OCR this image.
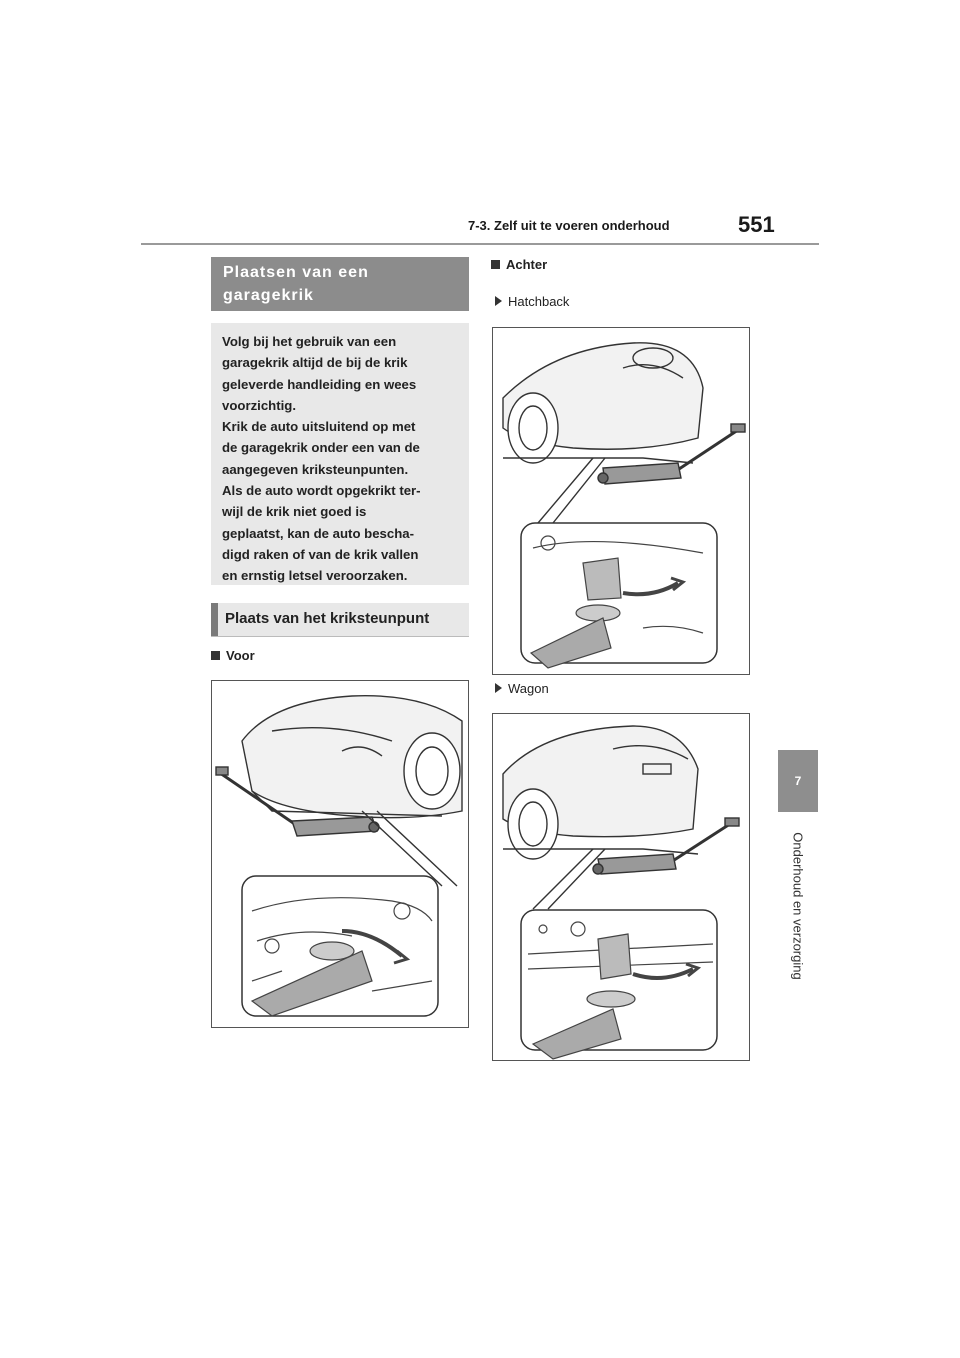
7-3. Zelf uit te voeren onderhoud	551
7
Onderhoud en verzorging
Plaatsen van een
garagekrik
Volg bij het gebruik van een
garagekrik altijd de bij de krik
geleverde handleiding en wees
voorzichtig.
Krik de auto uitsluitend op met
de garagekrik onder een van de
aangegeven kriksteunpunten.
Als de auto wordt opgekrikt ter-
wijl de krik niet goed is
geplaatst, kan de auto bescha-
digd raken of van de krik vallen
en ernstig letsel veroorzaken.
Plaats van het kriksteunpunt
Voor
Achter
Hatchback
Wagon
